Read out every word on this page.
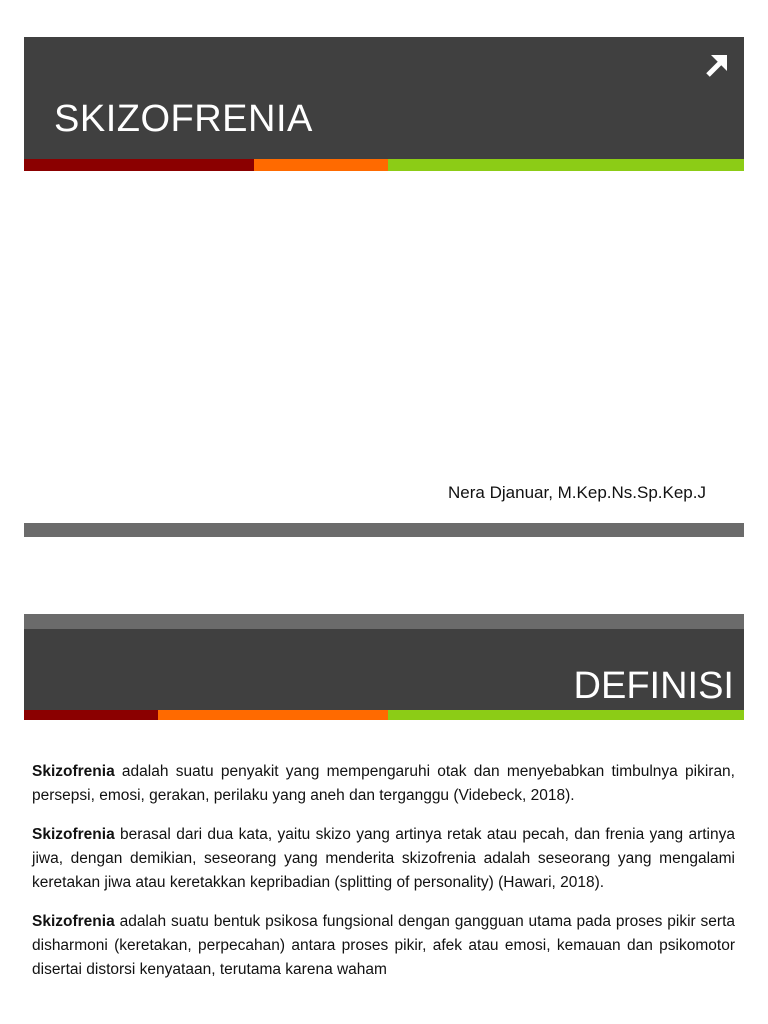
SKIZOFRENIA
Nera Djanuar, M.Kep.Ns.Sp.Kep.J
DEFINISI

Skizofrenia adalah suatu penyakit yang mempengaruhi otak dan menyebabkan timbulnya pikiran, persepsi, emosi, gerakan, perilaku yang aneh dan terganggu (Videbeck, 2018).

Skizofrenia berasal dari dua kata, yaitu skizo yang artinya retak atau pecah, dan frenia yang artinya jiwa, dengan demikian, seseorang yang menderita skizofrenia adalah seseorang yang mengalami keretakan jiwa atau keretakkan kepribadian (splitting of personality) (Hawari, 2018).

Skizofrenia adalah suatu bentuk psikosa fungsional dengan gangguan utama pada proses pikir serta disharmoni (keretakan, perpecahan) antara proses pikir, afek atau emosi, kemauan dan psikomotor disertai distorsi kenyataan, terutama karena waham
